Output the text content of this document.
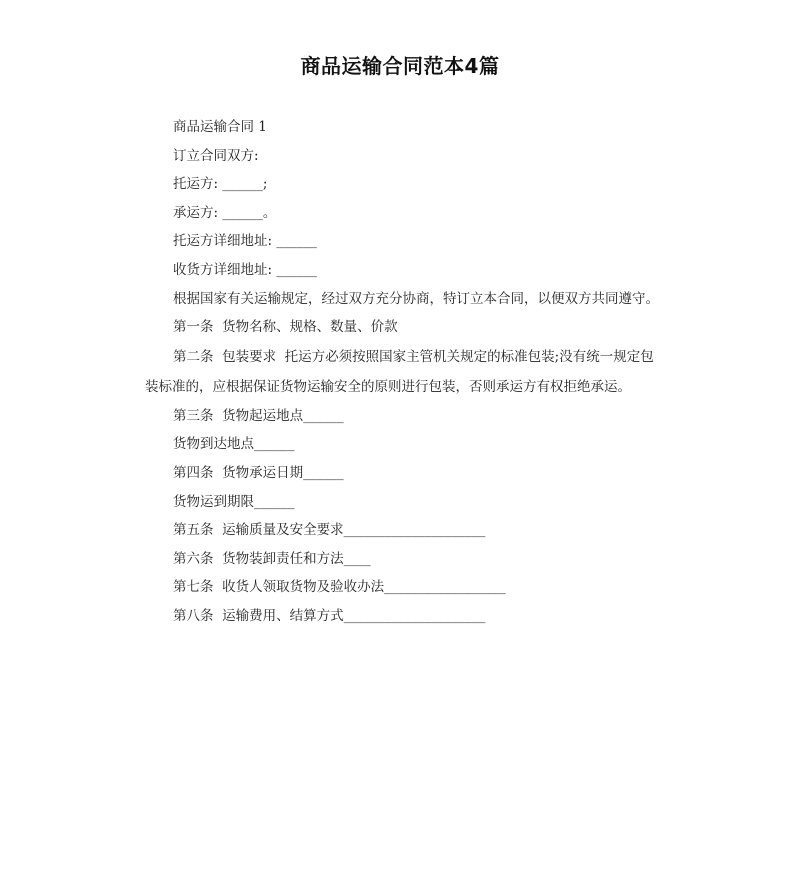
商品运输合同范本4篇

商品运输合同 1

订立合同双方:

托运方: ______;

承运方: ______。

托运方详细地址: ______

收货方详细地址: ______

根据国家有关运输规定，经过双方充分协商，特订立本合同，以便双方共同遵守。

第一条  货物名称、规格、数量、价款

第二条  包装要求  托运方必须按照国家主管机关规定的标准包装;没有统一规定包装标准的，应根据保证货物运输安全的原则进行包装，否则承运方有权拒绝承运。

第三条  货物起运地点______

货物到达地点______

第四条  货物承运日期______

货物运到期限______

第五条  运输质量及安全要求_____________________

第六条  货物装卸责任和方法____

第七条  收货人领取货物及验收办法__________________

第八条  运输费用、结算方式_____________________
